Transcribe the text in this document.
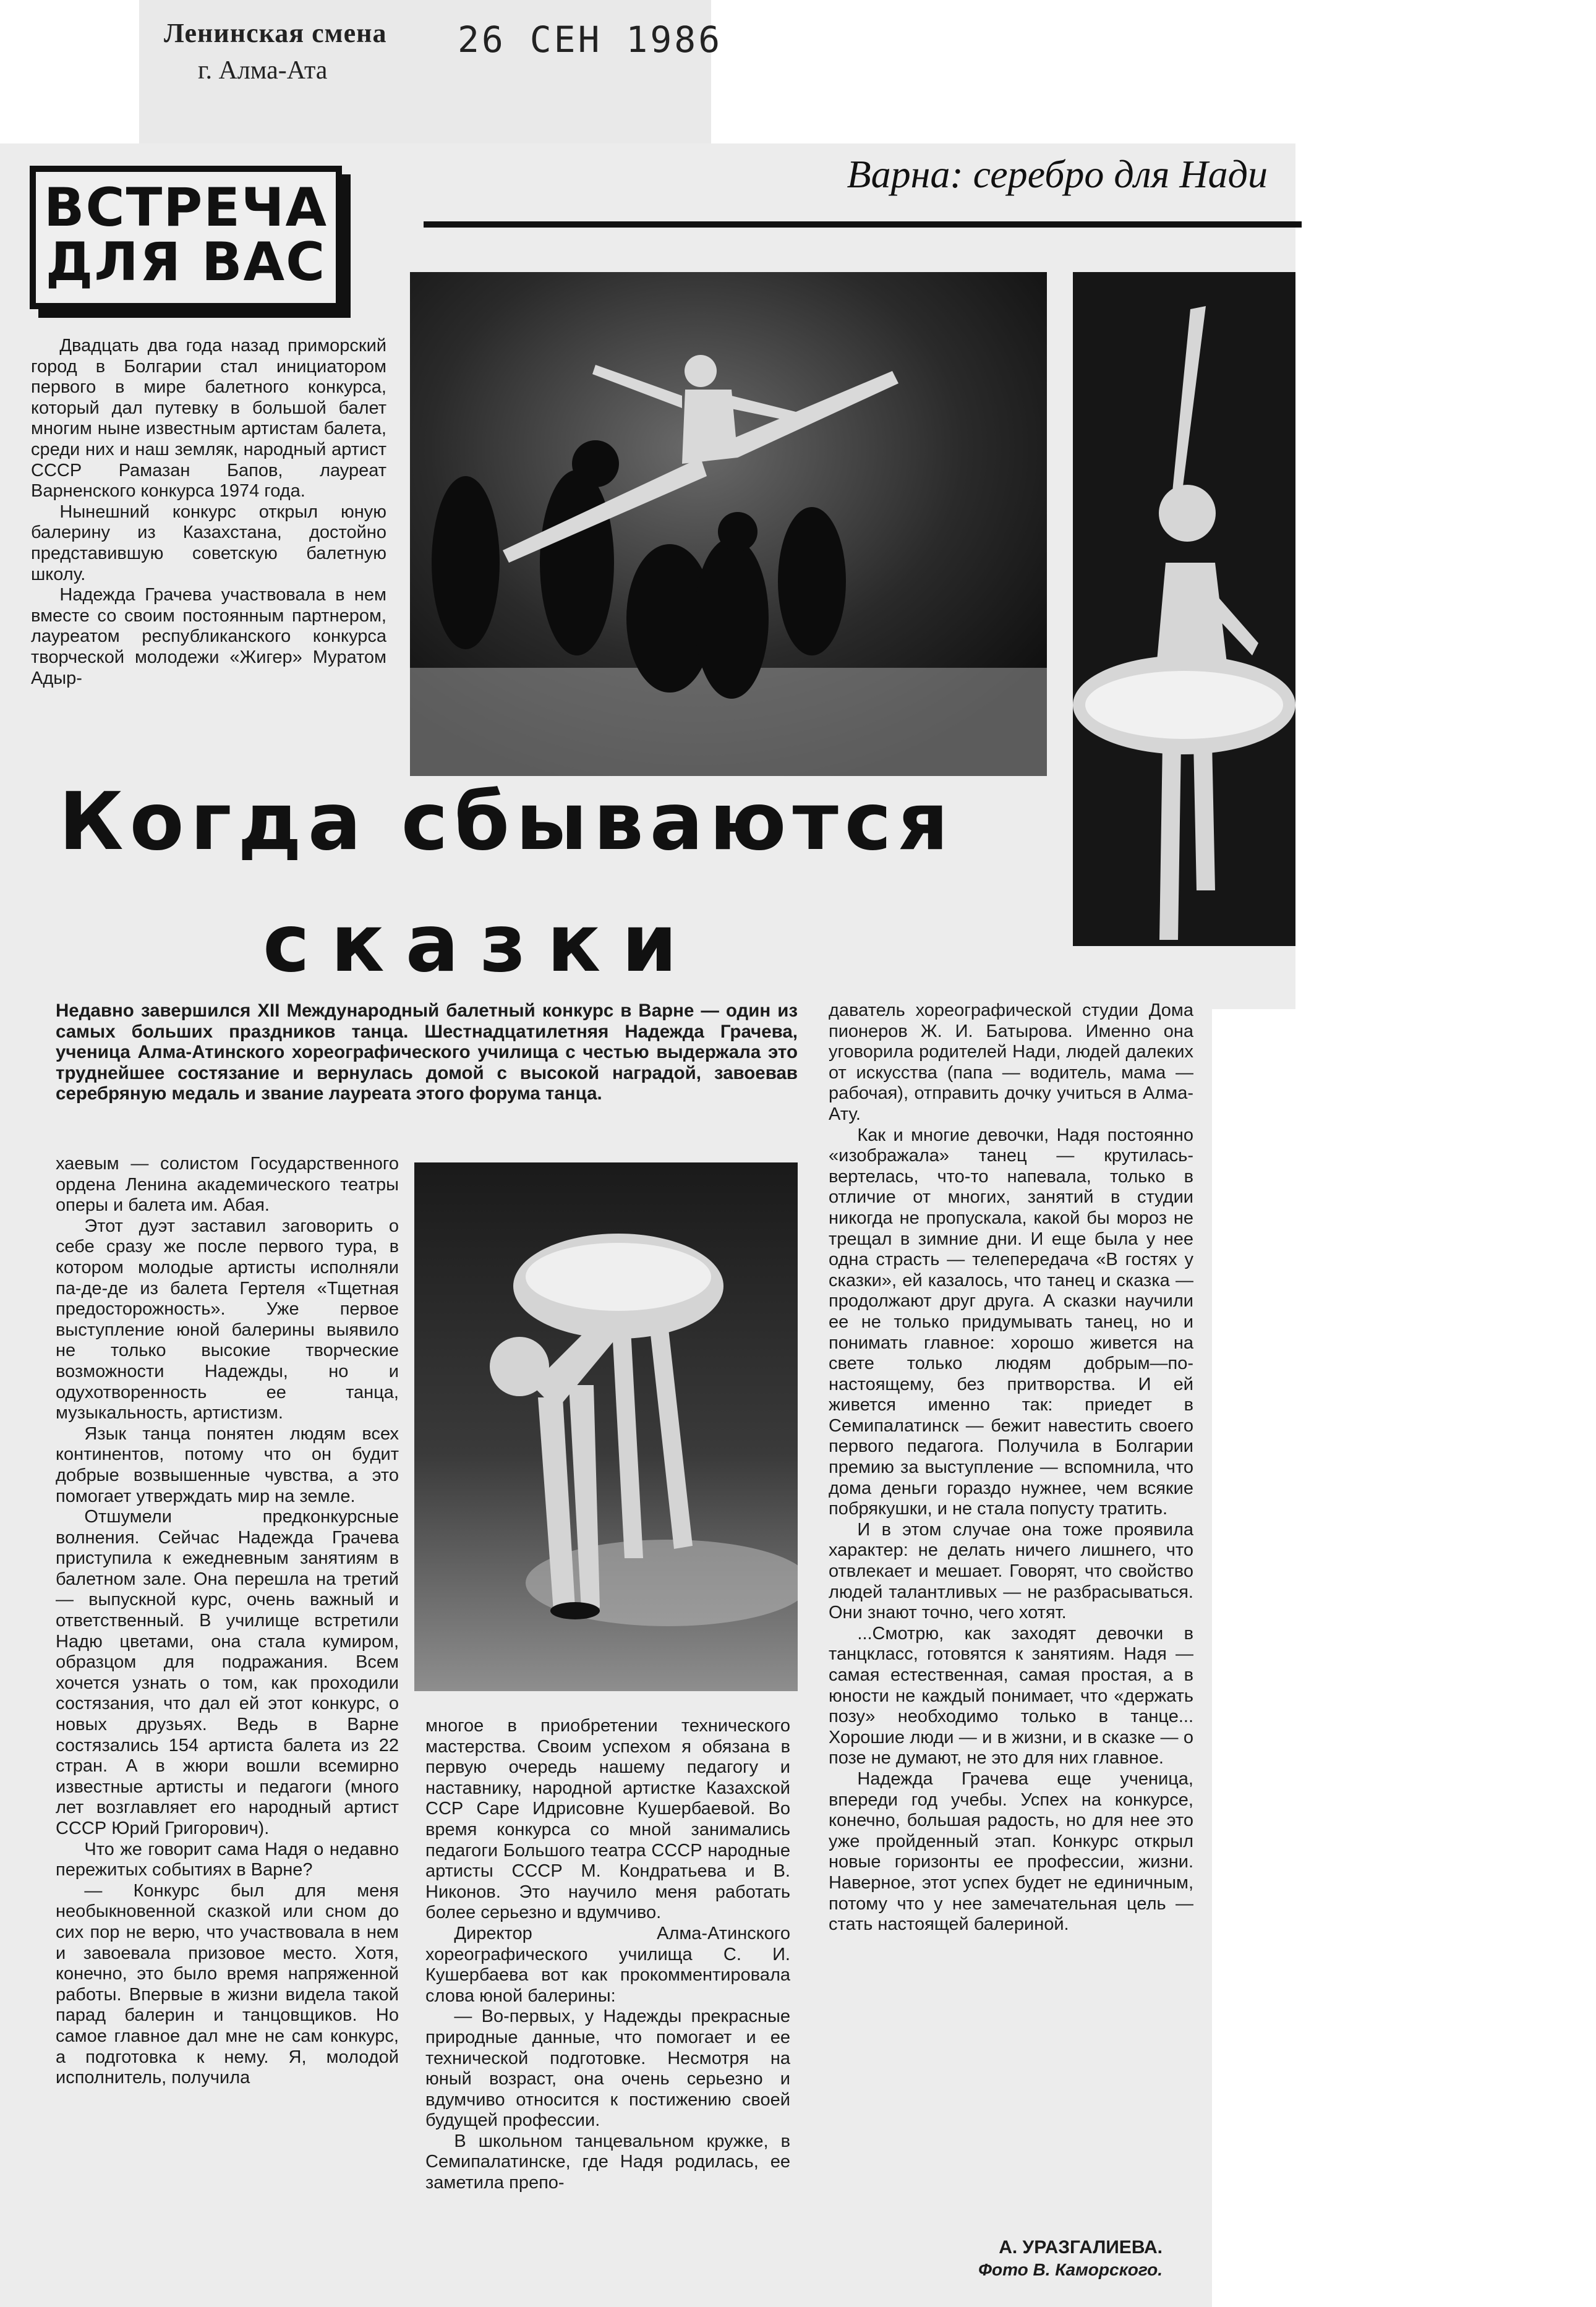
Ленинская смена
г. Алма-Ата
26 СЕН 1986
ВСТРЕЧА
ДЛЯ ВАС
Варна: серебро для Нади

Двадцать два года назад приморский город в Болгарии стал инициатором первого в мире балетного конкурса, который дал путевку в большой балет многим ныне известным артистам балета, среди них и наш земляк, народный артист СССР Рамазан Бапов, лауреат Варненского конкурса 1974 года.

Нынешний конкурс открыл юную балерину из Казахстана, достойно представившую советскую балетную школу.

Надежда Грачева участвовала в нем вместе со своим постоянным партнером, лауреатом республиканского конкурса творческой молодежи «Жигер» Муратом Адыр-

Когда сбываются
сказки
Недавно завершился XII Международный балетный конкурс в Варне — один из самых больших праздников танца. Шестнадцатилетняя Надежда Грачева, ученица Алма-Атинского хореографического училища с честью выдержала это труднейшее состязание и вернулась домой с высокой наградой, завоевав серебряную медаль и звание лауреата этого форума танца.

хаевым — солистом Государственного ордена Ленина академического театры оперы и балета им. Абая.

Этот дуэт заставил заговорить о себе сразу же после первого тура, в котором молодые артисты исполняли па-де-де из балета Гертеля «Тщетная предосторожность». Уже первое выступление юной балерины выявило не только высокие творческие возможности Надежды, но и одухотворенность ее танца, музыкальность, артистизм.

Язык танца понятен людям всех континентов, потому что он будит добрые возвышенные чувства, а это помогает утверждать мир на земле.

Отшумели предконкурсные волнения. Сейчас Надежда Грачева приступила к ежедневным занятиям в балетном зале. Она перешла на третий — выпускной курс, очень важный и ответственный. В училище встретили Надю цветами, она стала кумиром, образцом для подражания. Всем хочется узнать о том, как проходили состязания, что дал ей этот конкурс, о новых друзьях. Ведь в Варне состязались 154 артиста балета из 22 стран. А в жюри вошли всемирно известные артисты и педагоги (много лет возглавляет его народный артист СССР Юрий Григорович).

Что же говорит сама Надя о недавно пережитых событиях в Варне?

— Конкурс был для меня необыкновенной сказкой или сном до сих пор не верю, что участвовала в нем и завоевала призовое место. Хотя, конечно, это было время напряженной работы. Впервые в жизни видела такой парад балерин и танцовщиков. Но самое главное дал мне не сам конкурс, а подготовка к нему. Я, молодой исполнитель, получила

многое в приобретении технического мастерства. Своим успехом я обязана в первую очередь нашему педагогу и наставнику, народной артистке Казахской ССР Саре Идрисовне Кушербаевой. Во время конкурса со мной занимались педагоги Большого театра СССР народные артисты СССР М. Кондратьева и В. Никонов. Это научило меня работать более серьезно и вдумчиво.

Директор Алма-Атинского хореографического училища С. И. Кушербаева вот как прокомментировала слова юной балерины:

— Во-первых, у Надежды прекрасные природные данные, что помогает и ее технической подготовке. Несмотря на юный возраст, она очень серьезно и вдумчиво относится к постижению своей будущей профессии.

В школьном танцевальном кружке, в Семипалатинске, где Надя родилась, ее заметила препо-

даватель хореографической студии Дома пионеров Ж. И. Батырова. Именно она уговорила родителей Нади, людей далеких от искусства (папа — водитель, мама —рабочая), отправить дочку учиться в Алма-Ату.

Как и многие девочки, Надя постоянно «изображала» танец — крутилась-вертелась, что-то напевала, только в отличие от многих, занятий в студии никогда не пропускала, какой бы мороз не трещал в зимние дни. И еще была у нее одна страсть — телепередача «В гостях у сказки», ей казалось, что танец и сказка — продолжают друг друга. А сказки научили ее не только придумывать танец, но и понимать главное: хорошо живется на свете только людям добрым—по-настоящему, без притворства. И ей живется именно так: приедет в Семипалатинск — бежит навестить своего первого педагога. Получила в Болгарии премию за выступление — вспомнила, что дома деньги гораздо нужнее, чем всякие побрякушки, и не стала попусту тратить.

И в этом случае она тоже проявила характер: не делать ничего лишнего, что отвлекает и мешает. Говорят, что свойство людей талантливых — не разбрасываться. Они знают точно, чего хотят.

...Смотрю, как заходят девочки в танцкласс, готовятся к занятиям. Надя — самая естественная, самая простая, а в юности не каждый понимает, что «держать позу» необходимо только в танце... Хорошие люди — и в жизни, и в сказке — о позе не думают, не это для них главное.

Надежда Грачева еще ученица, впереди год учебы. Успех на конкурсе, конечно, большая радость, но для нее это уже пройденный этап. Конкурс открыл новые горизонты ее профессии, жизни. Наверное, этот успех будет не единичным, потому что у нее замечательная цель — стать настоящей балериной.

А. УРАЗГАЛИЕВА.
Фото В. Каморского.
